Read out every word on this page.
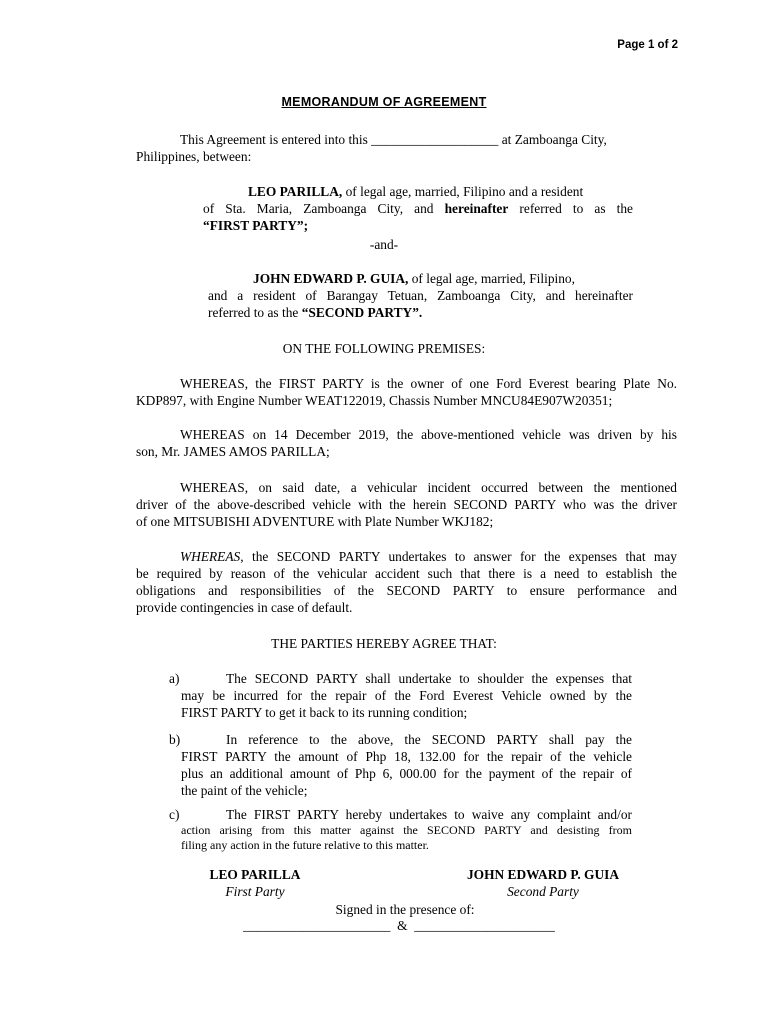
Page 1 of 2
MEMORANDUM OF AGREEMENT
This Agreement is entered into this ___________________ at Zamboanga City,
Philippines, between:
LEO PARILLA, of legal age, married, Filipino and a resident
of Sta. Maria, Zamboanga City, and hereinafter referred to as the
“FIRST PARTY”;
-and-
JOHN EDWARD P. GUIA, of legal age, married, Filipino,
and a resident of Barangay Tetuan, Zamboanga City, and hereinafter
referred to as the “SECOND PARTY”.
ON THE FOLLOWING PREMISES:
WHEREAS, the FIRST PARTY is the owner of one Ford Everest bearing Plate No.
KDP897, with Engine Number WEAT122019, Chassis Number MNCU84E907W20351;
WHEREAS on 14 December 2019, the above-mentioned vehicle was driven by his
son, Mr. JAMES AMOS PARILLA;
WHEREAS, on said date, a vehicular incident occurred between the mentioned
driver of the above-described vehicle with the herein SECOND PARTY who was the driver
of one MITSUBISHI ADVENTURE with Plate Number WKJ182;
WHEREAS, the SECOND PARTY undertakes to answer for the expenses that may
be required by reason of the vehicular accident such that there is a need to establish the
obligations and responsibilities of the SECOND PARTY to ensure performance and
provide contingencies in case of default.
THE PARTIES HEREBY AGREE THAT:
a)	The SECOND PARTY shall undertake to shoulder the expenses that
may be incurred for the repair of the Ford Everest Vehicle owned by the
FIRST PARTY to get it back to its running condition;
b)	In reference to the above, the SECOND PARTY shall pay the
FIRST PARTY the amount of Php 18, 132.00 for the repair of the vehicle
plus an additional amount of Php 6, 000.00 for the payment of the repair of
the paint of the vehicle;
c)	The FIRST PARTY hereby undertakes to waive any complaint and/or
action arising from this matter against the SECOND PARTY and desisting from
filing any action in the future relative to this matter.
LEO PARILLA
First Party
JOHN EDWARD P. GUIA
Second Party
Signed in the presence of:
______________________  &  _____________________
